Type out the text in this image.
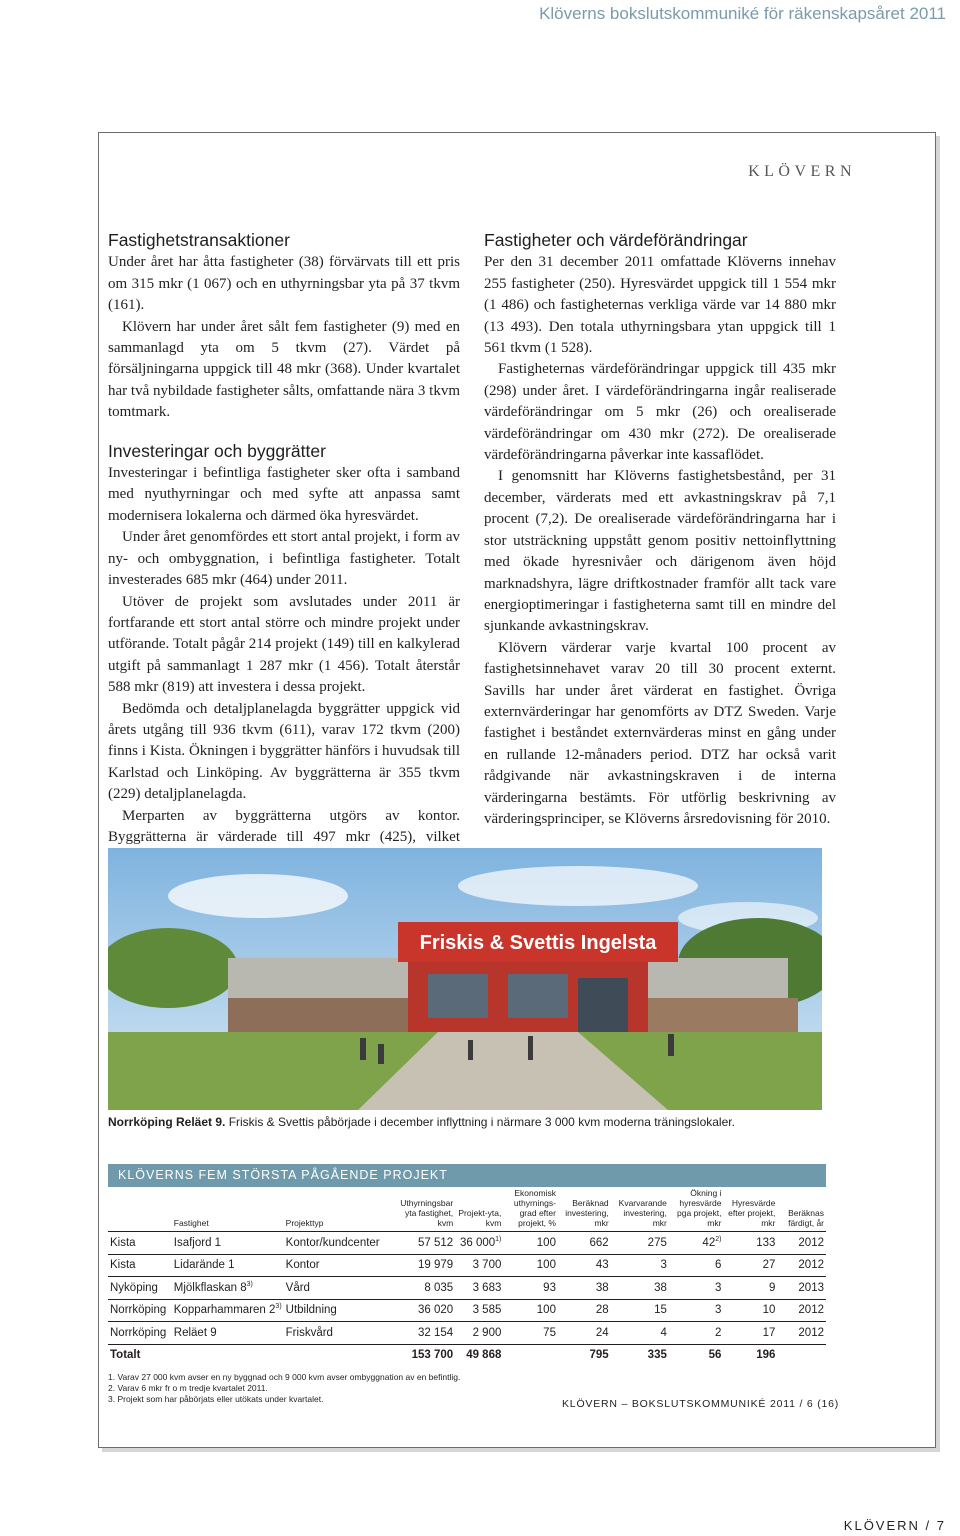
Klöverns bokslutskommuniké för räkenskapsåret 2011
KLÖVERN
Fastighetstransaktioner

Under året har åtta fastigheter (38) förvärvats till ett pris om 315 mkr (1 067) och en uthyrningsbar yta på 37 tkvm (161).

Klövern har under året sålt fem fastigheter (9) med en sammanlagd yta om 5 tkvm (27). Värdet på försäljningarna uppgick till 48 mkr (368). Under kvartalet har två nybildade fastigheter sålts, omfattande nära 3 tkvm tomtmark.

Investeringar och byggrätter

Investeringar i befintliga fastigheter sker ofta i samband med nyuthyrningar och med syfte att anpassa samt modernisera lokalerna och därmed öka hyresvärdet.

Under året genomfördes ett stort antal projekt, i form av ny- och ombyggnation, i befintliga fastigheter. Totalt investerades 685 mkr (464) under 2011.

Utöver de projekt som avslutades under 2011 är fortfarande ett stort antal större och mindre projekt under utförande. Totalt pågår 214 projekt (149) till en kalkylerad utgift på sammanlagt 1 287 mkr (1 456). Totalt återstår 588 mkr (819) att investera i dessa projekt.

Bedömda och detaljplanelagda byggrätter uppgick vid årets utgång till 936 tkvm (611), varav 172 tkvm (200) finns i Kista. Ökningen i byggrätter hänförs i huvudsak till Karlstad och Linköping. Av byggrätterna är 355 tkvm (229) detaljplanelagda.

Merparten av byggrätterna utgörs av kontor. Byggrätterna är värderade till 497 mkr (425), vilket

Fastigheter och värdeförändringar

Per den 31 december 2011 omfattade Klöverns innehav 255 fastigheter (250). Hyresvärdet uppgick till 1 554 mkr (1 486) och fastigheternas verkliga värde var 14 880 mkr (13 493). Den totala uthyrningsbara ytan uppgick till 1 561 tkvm (1 528).

Fastigheternas värdeförändringar uppgick till 435 mkr (298) under året. I värdeförändringarna ingår realiserade värdeförändringar om 5 mkr (26) och orealiserade värdeförändringar om 430 mkr (272). De orealiserade värdeförändringarna påverkar inte kassaflödet.

I genomsnitt har Klöverns fastighetsbestånd, per 31 december, värderats med ett avkastningskrav på 7,1 procent (7,2). De orealiserade värdeförändringarna har i stor utsträckning uppstått genom positiv nettoinflyttning med ökade hyresnivåer och därigenom även höjd marknadshyra, lägre driftkostnader framför allt tack vare energioptimeringar i fastigheterna samt till en mindre del sjunkande avkastningskrav.

Klövern värderar varje kvartal 100 procent av fastighetsinnehavet varav 20 till 30 procent externt. Savills har under året värderat en fastighet. Övriga externvärderingar har genomförts av DTZ Sweden. Varje fastighet i beståndet externvärderas minst en gång under en rullande 12-månaders period. DTZ har också varit rådgivande när avkastningskraven i de interna värderingarna bestämts. För utförlig beskrivning av värderingsprinciper, se Klöverns årsredovisning för 2010.

Friskis & Svettis Ingelsta
Norrköping Reläet 9. Friskis & Svettis påbörjade i december inflyttning i närmare 3 000 kvm moderna träningslokaler.
KLÖVERNS FEM STÖRSTA PÅGÅENDE PROJEKT
	Fastighet	Projekttyp	Uthyrningsbar yta fastighet, kvm	Projekt-yta, kvm	Ekonomisk uthyrnings-grad efter projekt, %	Beräknad investering, mkr	Kvarvarande investering, mkr	Ökning i hyresvärde pga projekt, mkr	Hyresvärde efter projekt, mkr	Beräknas färdigt, år
Kista	Isafjord 1	Kontor/kundcenter	57 512	36 000$^{1)}$	100	662	275	42$^{2)}$	133	2012
Kista	Lidarände 1	Kontor	19 979	3 700	100	43	3	6	27	2012
Nyköping	Mjölkflaskan 8$^{3)}$	Vård	8 035	3 683	93	38	38	3	9	2013
Norrköping	Kopparhammaren 2$^{3)}$	Utbildning	36 020	3 585	100	28	15	3	10	2012
Norrköping	Reläet 9	Friskvård	32 154	2 900	75	24	4	2	17	2012
Totalt			153 700	49 868		795	335	56	196	
1. Varav 27 000 kvm avser en ny byggnad och 9 000 kvm avser ombyggnation av en befintlig.
2. Varav 6 mkr fr o m tredje kvartalet 2011.
3. Projekt som har påbörjats eller utökats under kvartalet.	KLÖVERN – BOKSLUTSKOMMUNIKÉ 2011 / 6 (16)
KLÖVERN / 7
